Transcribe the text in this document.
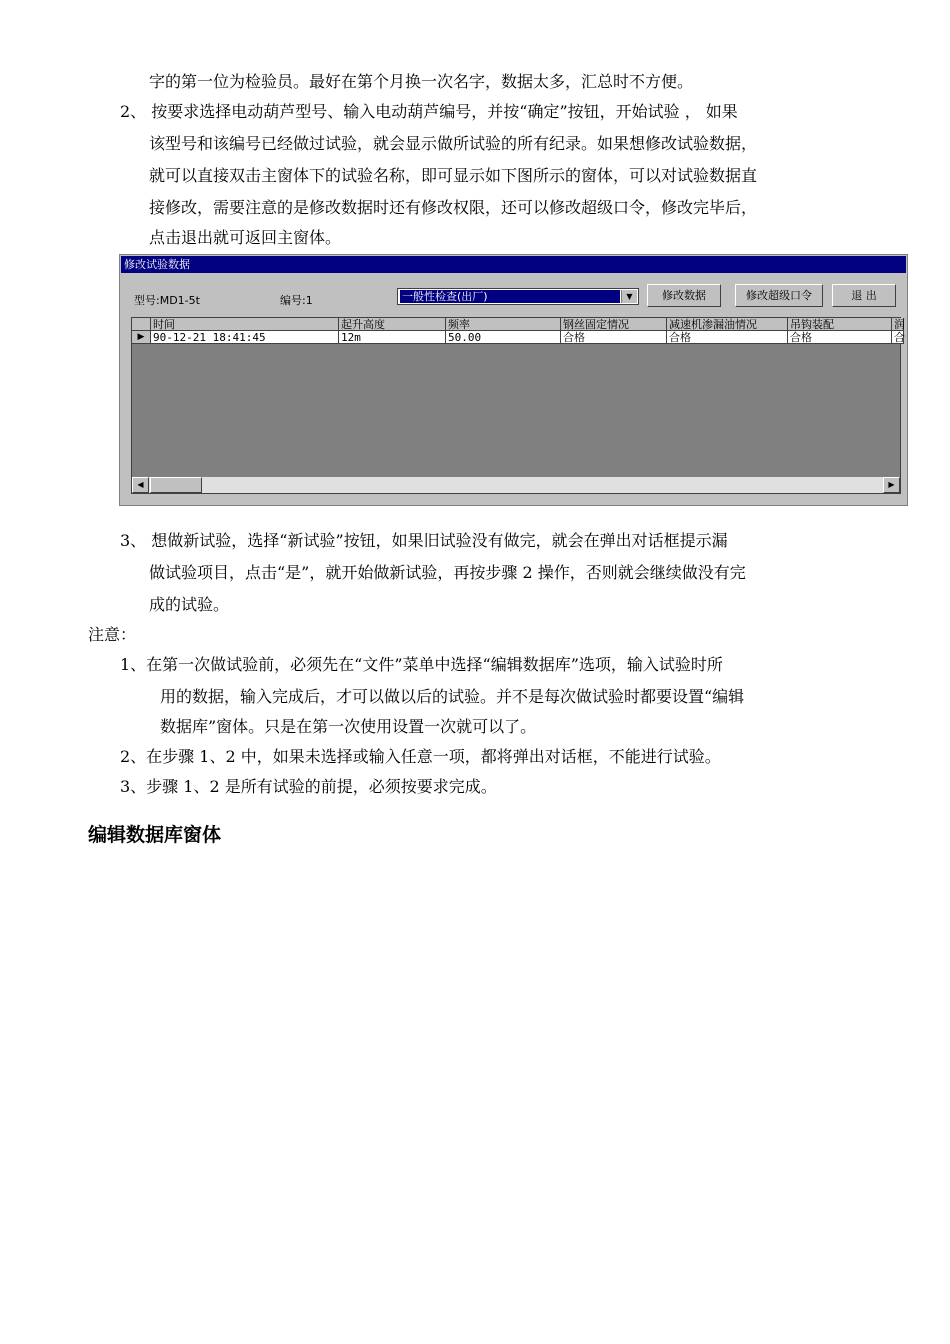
字的第一位为检验员。最好在第个月换一次名字，数据太多，汇总时不方便。
2、 按要求选择电动葫芦型号、输入电动葫芦编号，并按“确定”按钮，开始试验 ， 如果
该型号和该编号已经做过试验，就会显示做所试验的所有纪录。如果想修改试验数据，
就可以直接双击主窗体下的试验名称，即可显示如下图所示的窗体，可以对试验数据直
接修改，需要注意的是修改数据时还有修改权限，还可以修改超级口令，修改完毕后，
点击退出就可返回主窗体。
修改试验数据
型号:MD1-5t	编号:1	一般性检查(出厂)	▼	修改数据	修改超级口令	退 出
时间	起升高度	频率	钢丝固定情况	减速机渗漏油情况	吊钩装配	润
▶ 90-12-21 18:41:45	12m	50.00	合格	合格	合格	合
◀	▶
3、 想做新试验，选择“新试验”按钮，如果旧试验没有做完，就会在弹出对话框提示漏
做试验项目，点击“是”，就开始做新试验，再按步骤 2 操作，否则就会继续做没有完
成的试验。
注意：
1、在第一次做试验前，必须先在“文件”菜单中选择“编辑数据库”选项，输入试验时所
用的数据，输入完成后，才可以做以后的试验。并不是每次做试验时都要设置“编辑
数据库”窗体。只是在第一次使用设置一次就可以了。
2、在步骤 1、2 中，如果未选择或输入任意一项，都将弹出对话框，不能进行试验。
3、步骤 1、2 是所有试验的前提，必须按要求完成。
编辑数据库窗体
